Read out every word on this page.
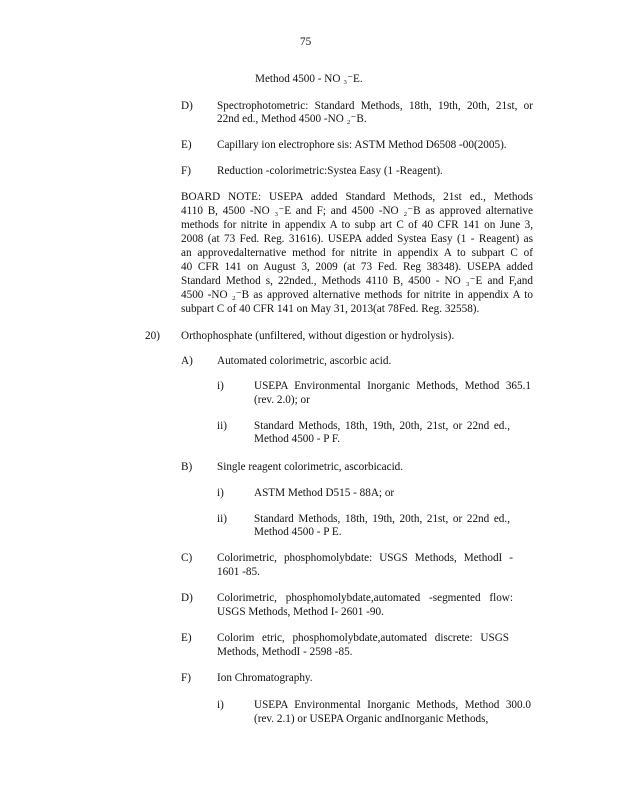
75
Method 4500 - NO ₃⁻E.
D) Spectrophotometric: Standard Methods, 18th, 19th, 20th, 21st, or
22nd ed., Method 4500 -NO ₂⁻B.
E) Capillary ion electrophore sis: ASTM Method D6508 -00(2005).
F) Reduction -colorimetric:Systea Easy (1 -Reagent).
BOARD NOTE: USEPA added Standard Methods, 21st ed., Methods
4110 B, 4500 -NO ₃⁻E and F; and 4500 -NO ₂⁻B as approved alternative
methods for nitrite in appendix A to subp art C of 40 CFR 141 on June 3,
2008 (at 73 Fed. Reg. 31616). USEPA added Systea Easy (1 - Reagent) as
an approvedalternative method for nitrite in appendix A to subpart C of
40 CFR 141 on August 3, 2009 (at 73 Fed. Reg 38348). USEPA added
Standard Method s, 22nded., Methods 4110 B, 4500 - NO ₃⁻E and F,and
4500 -NO ₂⁻B as approved alternative methods for nitrite in appendix A to
subpart C of 40 CFR 141 on May 31, 2013(at 78Fed. Reg. 32558).
20) Orthophosphate (unfiltered, without digestion or hydrolysis).
A) Automated colorimetric, ascorbic acid.
i)	USEPA Environmental Inorganic Methods, Method 365.1
(rev. 2.0); or
ii) Standard Methods, 18th, 19th, 20th, 21st, or 22nd ed.,
Method 4500 - P F.
B) Single reagent colorimetric, ascorbicacid.
i)	ASTM Method D515 - 88A; or
ii) Standard Methods, 18th, 19th, 20th, 21st, or 22nd ed.,
Method 4500 - P E.
C) Colorimetric, phosphomolybdate: USGS Methods, MethodI -
1601 -85.
D) Colorimetric, phosphomolybdate,automated -segmented flow:
USGS Methods, Method I- 2601 -90.
E) Colorim etric, phosphomolybdate,automated discrete: USGS
Methods, MethodI - 2598 -85.
F) Ion Chromatography.
i)	USEPA Environmental Inorganic Methods, Method 300.0
(rev. 2.1) or USEPA Organic andInorganic Methods,
